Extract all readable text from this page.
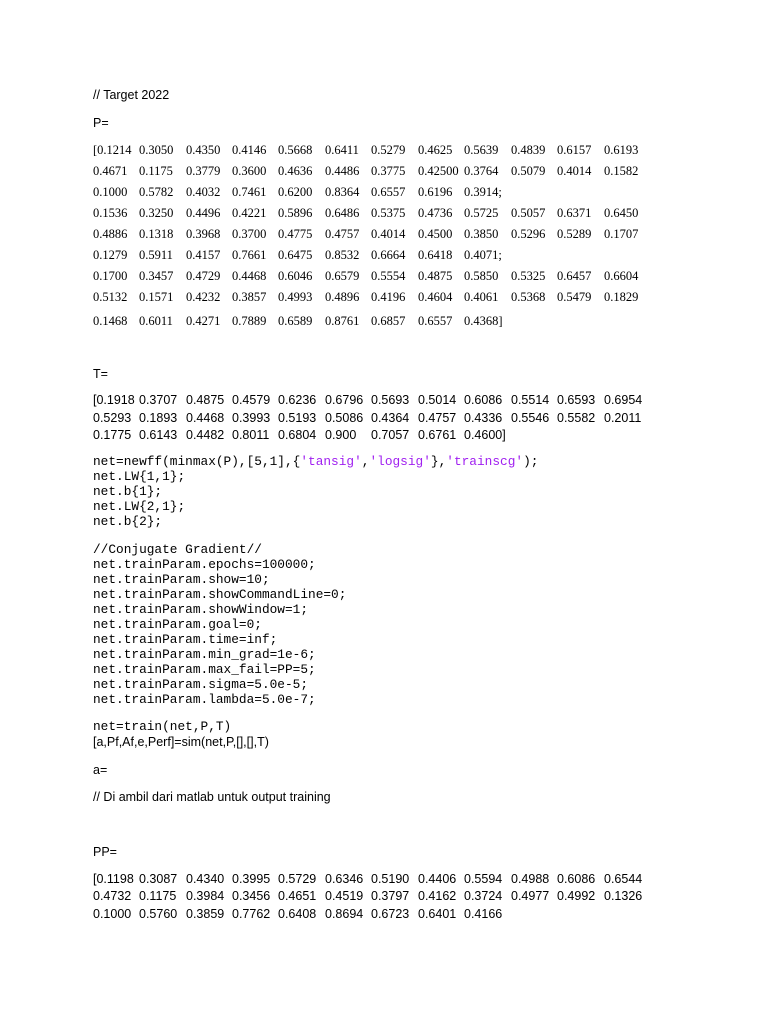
// Target 2022
P=
[0.1214 0.3050 0.4350 0.4146 0.5668 0.6411 0.5279 0.4625 0.5639 0.4839 0.6157 0.6193
0.4671 0.1175 0.3779 0.3600 0.4636 0.4486 0.3775 0.42500 0.3764 0.5079 0.4014 0.1582
0.1000 0.5782 0.4032 0.7461 0.6200 0.8364 0.6557 0.6196 0.3914;
0.1536 0.3250 0.4496 0.4221 0.5896 0.6486 0.5375 0.4736 0.5725 0.5057 0.6371 0.6450
0.4886 0.1318 0.3968 0.3700 0.4775 0.4757 0.4014 0.4500 0.3850 0.5296 0.5289 0.1707
0.1279 0.5911 0.4157 0.7661 0.6475 0.8532 0.6664 0.6418 0.4071;
0.1700 0.3457 0.4729 0.4468 0.6046 0.6579 0.5554 0.4875 0.5850 0.5325 0.6457 0.6604
0.5132 0.1571 0.4232 0.3857 0.4993 0.4896 0.4196 0.4604 0.4061 0.5368 0.5479 0.1829
0.1468 0.6011 0.4271 0.7889 0.6589 0.8761 0.6857 0.6557 0.4368]
T=
[0.1918 0.3707 0.4875 0.4579 0.6236 0.6796 0.5693 0.5014 0.6086 0.5514 0.6593 0.6954
0.5293 0.1893 0.4468 0.3993 0.5193 0.5086 0.4364 0.4757 0.4336 0.5546 0.5582 0.2011
0.1775 0.6143 0.4482 0.8011 0.6804 0.900 0.7057 0.6761 0.4600]
net=newff(minmax(P),[5,1],{'tansig','logsig'},'trainscg');
net.LW{1,1};
net.b{1};
net.LW{2,1};
net.b{2};
//Conjugate Gradient//
net.trainParam.epochs=100000;
net.trainParam.show=10;
net.trainParam.showCommandLine=0;
net.trainParam.showWindow=1;
net.trainParam.goal=0;
net.trainParam.time=inf;
net.trainParam.min_grad=1e-6;
net.trainParam.max_fail=PP=5;
net.trainParam.sigma=5.0e-5;
net.trainParam.lambda=5.0e-7;
net=train(net,P,T)
[a,Pf,Af,e,Perf]=sim(net,P,[],[],T)
a=
// Di ambil dari matlab untuk output training
PP=
[0.1198 0.3087 0.4340 0.3995 0.5729 0.6346 0.5190 0.4406 0.5594 0.4988 0.6086 0.6544
0.4732 0.1175 0.3984 0.3456 0.4651 0.4519 0.3797 0.4162 0.3724 0.4977 0.4992 0.1326
0.1000 0.5760 0.3859 0.7762 0.6408 0.8694 0.6723 0.6401 0.4166
